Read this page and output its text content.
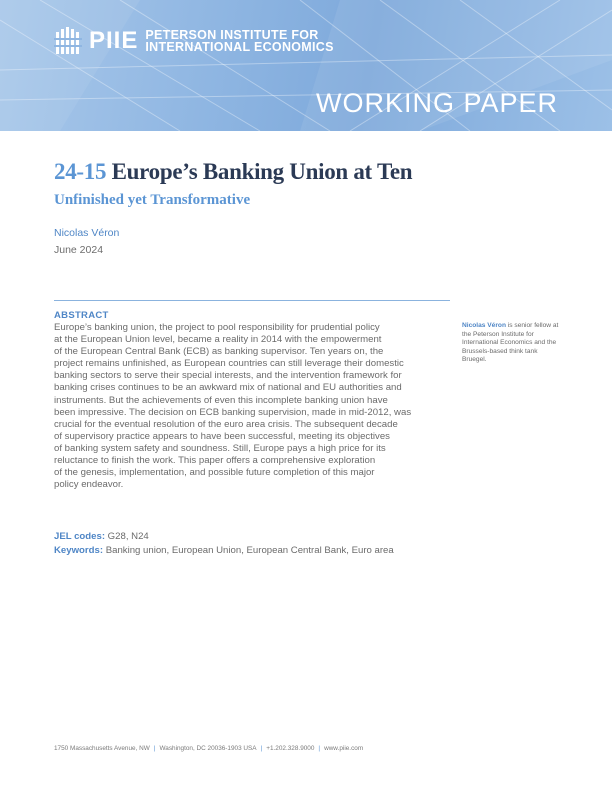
PIIE PETERSON INSTITUTE FOR
INTERNATIONAL ECONOMICS
WORKING PAPER
24-15 Europe’s Banking Union at Ten
Unfinished yet Transformative
Nicolas Véron
June 2024
ABSTRACT
Europe’s banking union, the project to pool responsibility for prudential policy
at the European Union level, became a reality in 2014 with the empowerment
of the European Central Bank (ECB) as banking supervisor. Ten years on, the
project remains unfinished, as European countries can still leverage their domestic
banking sectors to serve their special interests, and the intervention framework for
banking crises continues to be an awkward mix of national and EU authorities and
instruments. But the achievements of even this incomplete banking union have
been impressive. The decision on ECB banking supervision, made in mid-2012, was
crucial for the eventual resolution of the euro area crisis. The subsequent decade
of supervisory practice appears to have been successful, meeting its objectives
of banking system safety and soundness. Still, Europe pays a high price for its
reluctance to finish the work. This paper offers a comprehensive exploration
of the genesis, implementation, and possible future completion of this major
policy endeavor.
Nicolas Véron is senior fellow at the Peterson Institute for International Economics and the Brussels-based think tank Bruegel.
JEL codes: G28, N24
Keywords: Banking union, European Union, European Central Bank, Euro area
1750 Massachusetts Avenue, NW | Washington, DC 20036-1903 USA | +1.202.328.9000 | www.piie.com
